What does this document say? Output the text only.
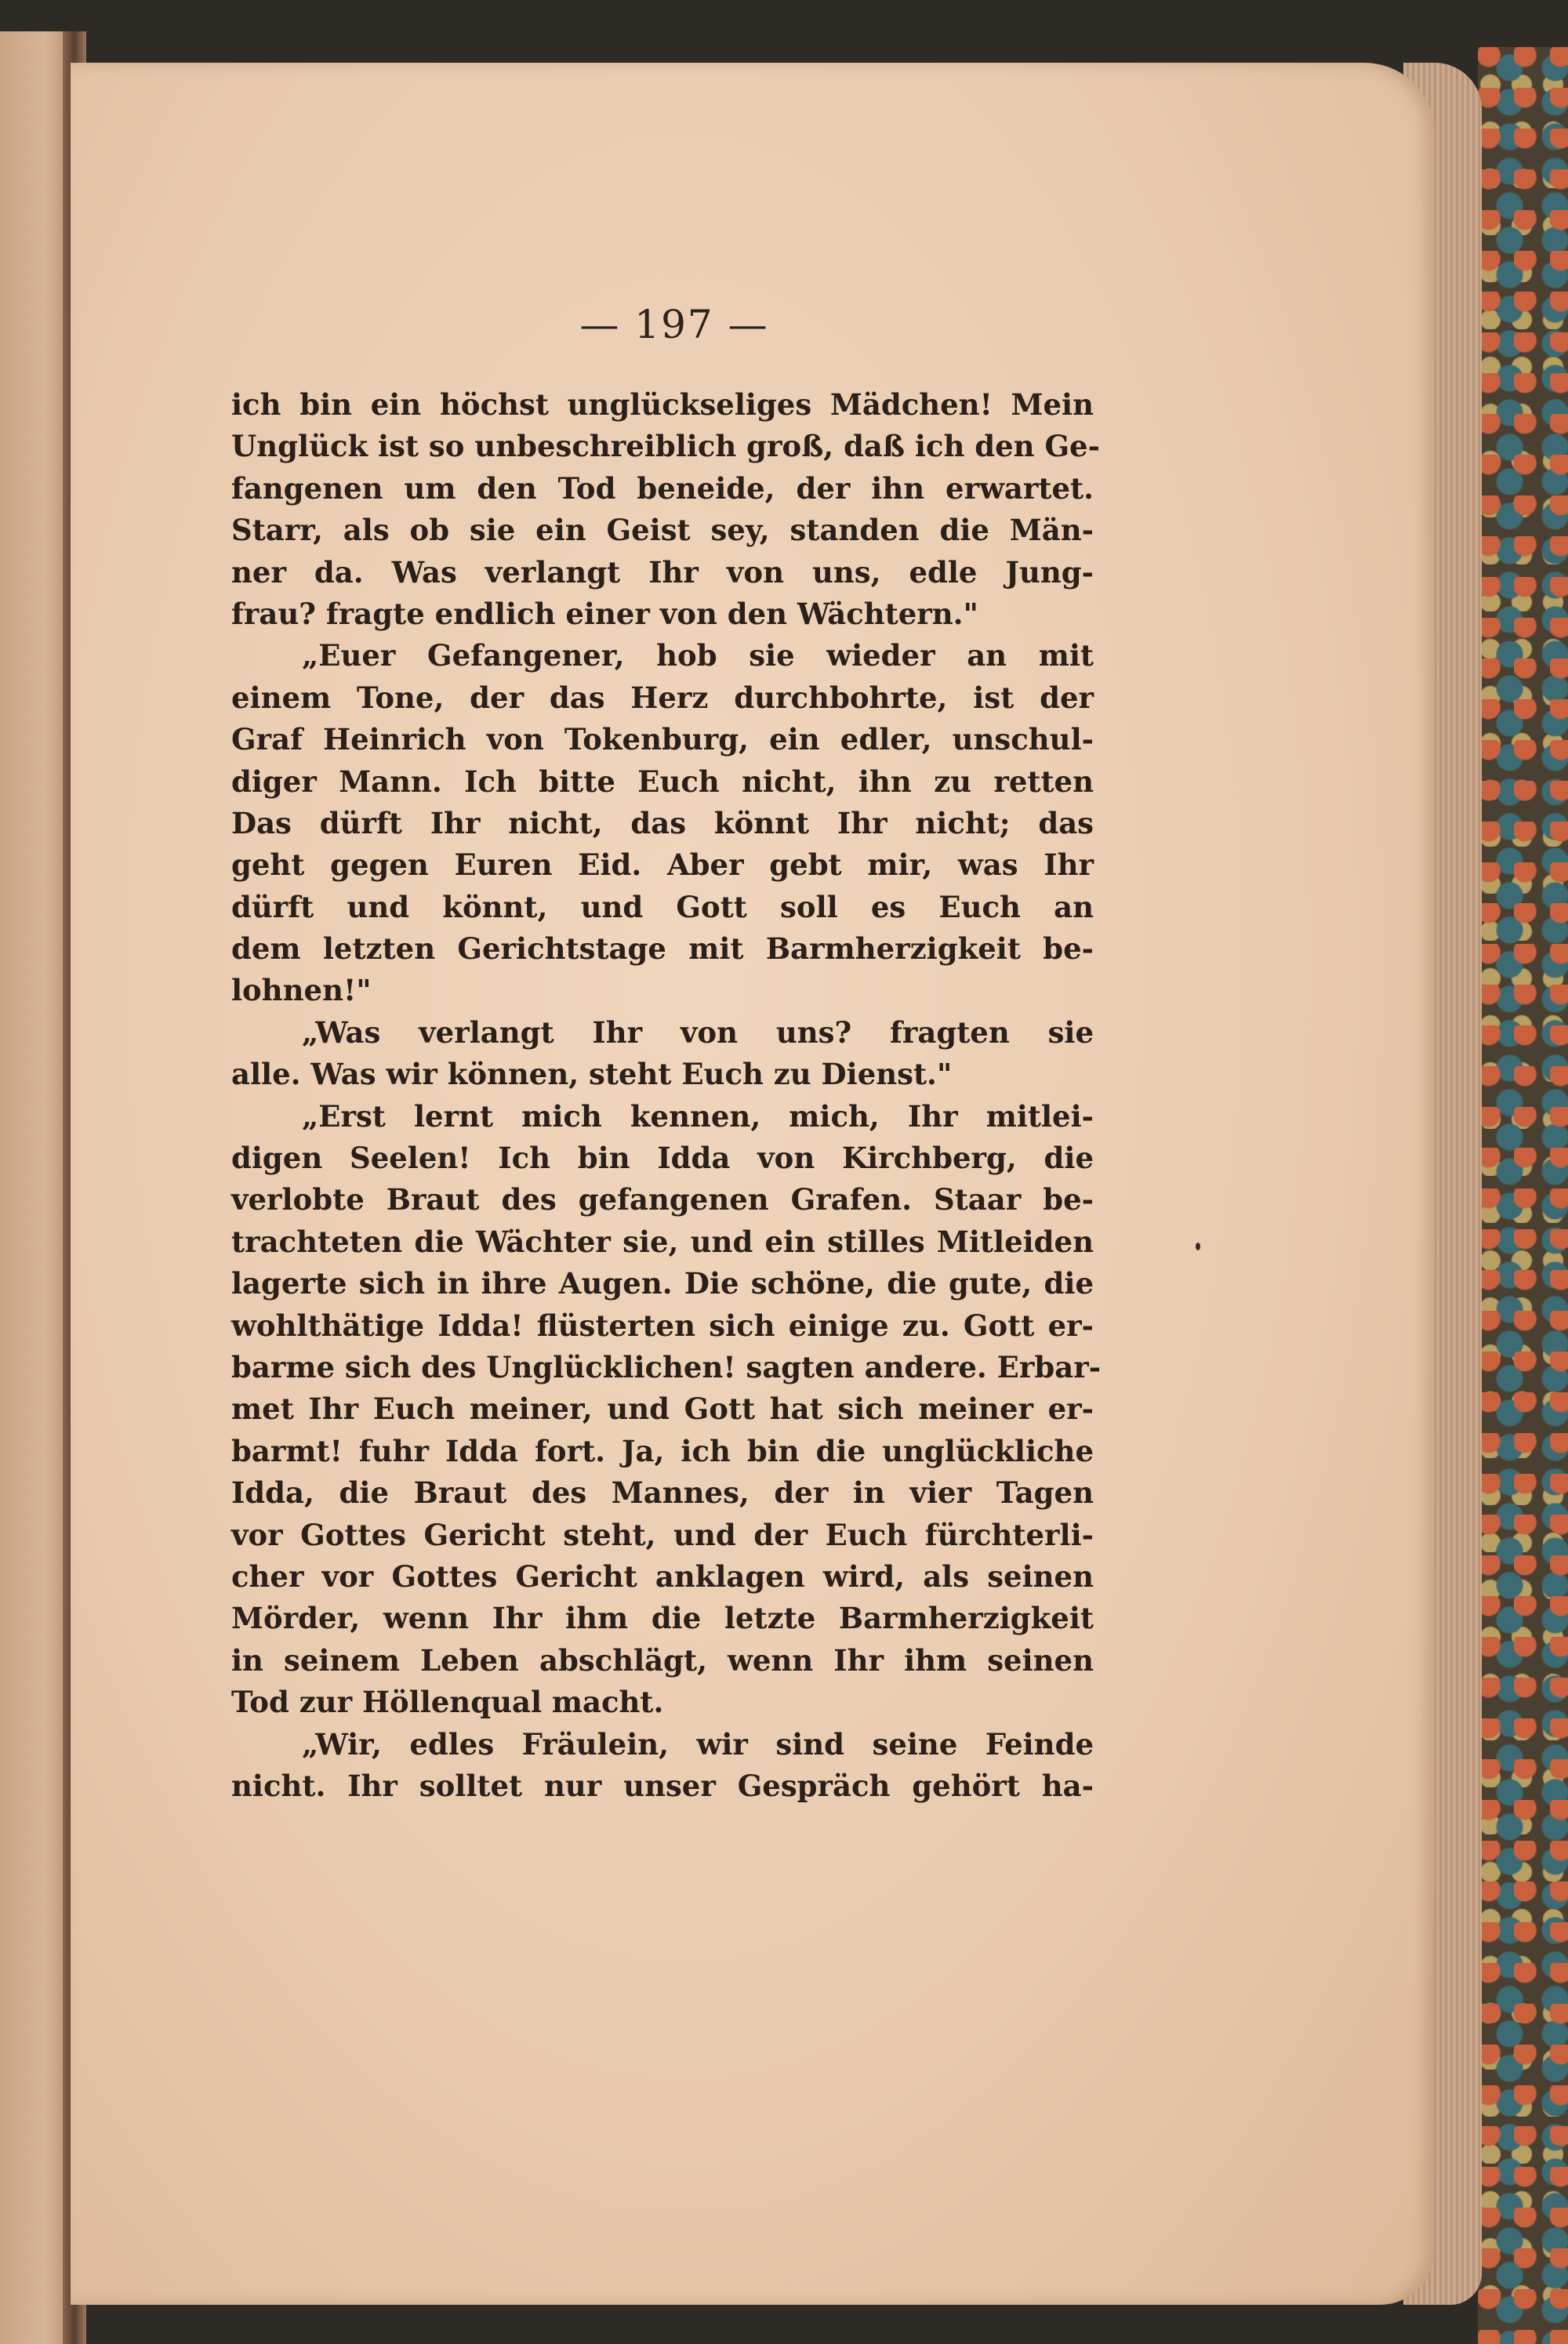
— 197 —
ich bin ein höchst unglückseliges Mädchen! Mein
Unglück ist so unbeschreiblich groß, daß ich den Ge-
fangenen um den Tod beneide, der ihn erwartet.
Starr, als ob sie ein Geist sey, standen die Män-
ner da. Was verlangt Ihr von uns, edle Jung-
frau? fragte endlich einer von den Wächtern."
„Euer Gefangener, hob sie wieder an mit
einem Tone, der das Herz durchbohrte, ist der
Graf Heinrich von Tokenburg, ein edler, unschul-
diger Mann. Ich bitte Euch nicht, ihn zu retten
Das dürft Ihr nicht, das könnt Ihr nicht; das
geht gegen Euren Eid. Aber gebt mir, was Ihr
dürft und könnt, und Gott soll es Euch an
dem letzten Gerichtstage mit Barmherzigkeit be-
lohnen!"
„Was verlangt Ihr von uns? fragten sie
alle. Was wir können, steht Euch zu Dienst."
„Erst lernt mich kennen, mich, Ihr mitlei-
digen Seelen! Ich bin Idda von Kirchberg, die
verlobte Braut des gefangenen Grafen. Staar be-
trachteten die Wächter sie, und ein stilles Mitleiden
lagerte sich in ihre Augen. Die schöne, die gute, die
wohlthätige Idda! flüsterten sich einige zu. Gott er-
barme sich des Unglücklichen! sagten andere. Erbar-
met Ihr Euch meiner, und Gott hat sich meiner er-
barmt! fuhr Idda fort. Ja, ich bin die unglückliche
Idda, die Braut des Mannes, der in vier Tagen
vor Gottes Gericht steht, und der Euch fürchterli-
cher vor Gottes Gericht anklagen wird, als seinen
Mörder, wenn Ihr ihm die letzte Barmherzigkeit
in seinem Leben abschlägt, wenn Ihr ihm seinen
Tod zur Höllenqual macht.
„Wir, edles Fräulein, wir sind seine Feinde
nicht. Ihr solltet nur unser Gespräch gehört ha-
